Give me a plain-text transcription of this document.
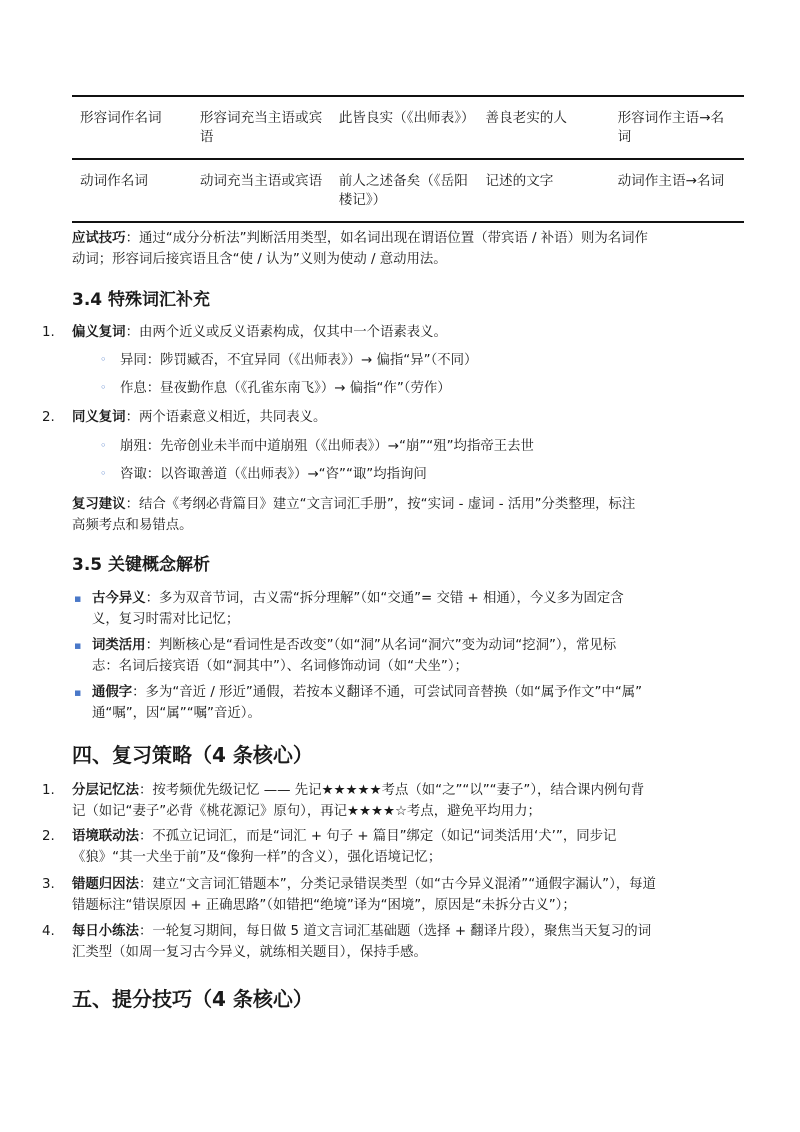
形容词作名词	形容词充当主语或宾语	此皆良实（《出师表》）	善良老实的人	形容词作主语→名词
动词作名词	动词充当主语或宾语	前人之述备矣（《岳阳楼记》）	记述的文字	动词作主语→名词
应试技巧：通过“成分分析法”判断活用类型，如名词出现在谓语位置（带宾语 / 补语）则为名词作
动词；形容词后接宾语且含“使 / 认为”义则为使动 / 意动用法。
3.4 特殊词汇补充
1.	偏义复词：由两个近义或反义语素构成，仅其中一个语素表义。
◦ 异同：陟罚臧否，不宜异同（《出师表》）→ 偏指“异”（不同）
◦ 作息：昼夜勤作息（《孔雀东南飞》）→ 偏指“作”（劳作）
2.	同义复词：两个语素意义相近，共同表义。
◦ 崩殂：先帝创业未半而中道崩殂（《出师表》）→“崩”“殂”均指帝王去世
◦ 咨诹：以咨诹善道（《出师表》）→“咨”“诹”均指询问
复习建议：结合《考纲必背篇目》建立“文言词汇手册”，按“实词 - 虚词 - 活用”分类整理，标注
高频考点和易错点。
3.5 关键概念解析
▪ 古今异义：多为双音节词，古义需“拆分理解”（如“交通”= 交错 + 相通），今义多为固定含
义，复习时需对比记忆；
▪ 词类活用：判断核心是“看词性是否改变”（如“洞”从名词“洞穴”变为动词“挖洞”），常见标
志：名词后接宾语（如“洞其中”）、名词修饰动词（如“犬坐”）；
▪ 通假字：多为“音近 / 形近”通假，若按本义翻译不通，可尝试同音替换（如“属予作文”中“属”
通“嘱”，因“属”“嘱”音近）。
四、复习策略（4 条核心）
1.	分层记忆法：按考频优先级记忆 —— 先记★★★★★考点（如“之”“以”“妻子”），结合课内例句背
记（如记“妻子”必背《桃花源记》原句），再记★★★★☆考点，避免平均用力；
2.	语境联动法：不孤立记词汇，而是“词汇 + 句子 + 篇目”绑定（如记“词类活用‘犬’”，同步记
《狼》“其一犬坐于前”及“像狗一样”的含义），强化语境记忆；
3.	错题归因法：建立“文言词汇错题本”，分类记录错误类型（如“古今异义混淆”“通假字漏认”），每道
错题标注“错误原因 + 正确思路”（如错把“绝境”译为“困境”，原因是“未拆分古义”）；
4.	每日小练法：一轮复习期间，每日做 5 道文言词汇基础题（选择 + 翻译片段），聚焦当天复习的词
汇类型（如周一复习古今异义，就练相关题目），保持手感。
五、提分技巧（4 条核心）
